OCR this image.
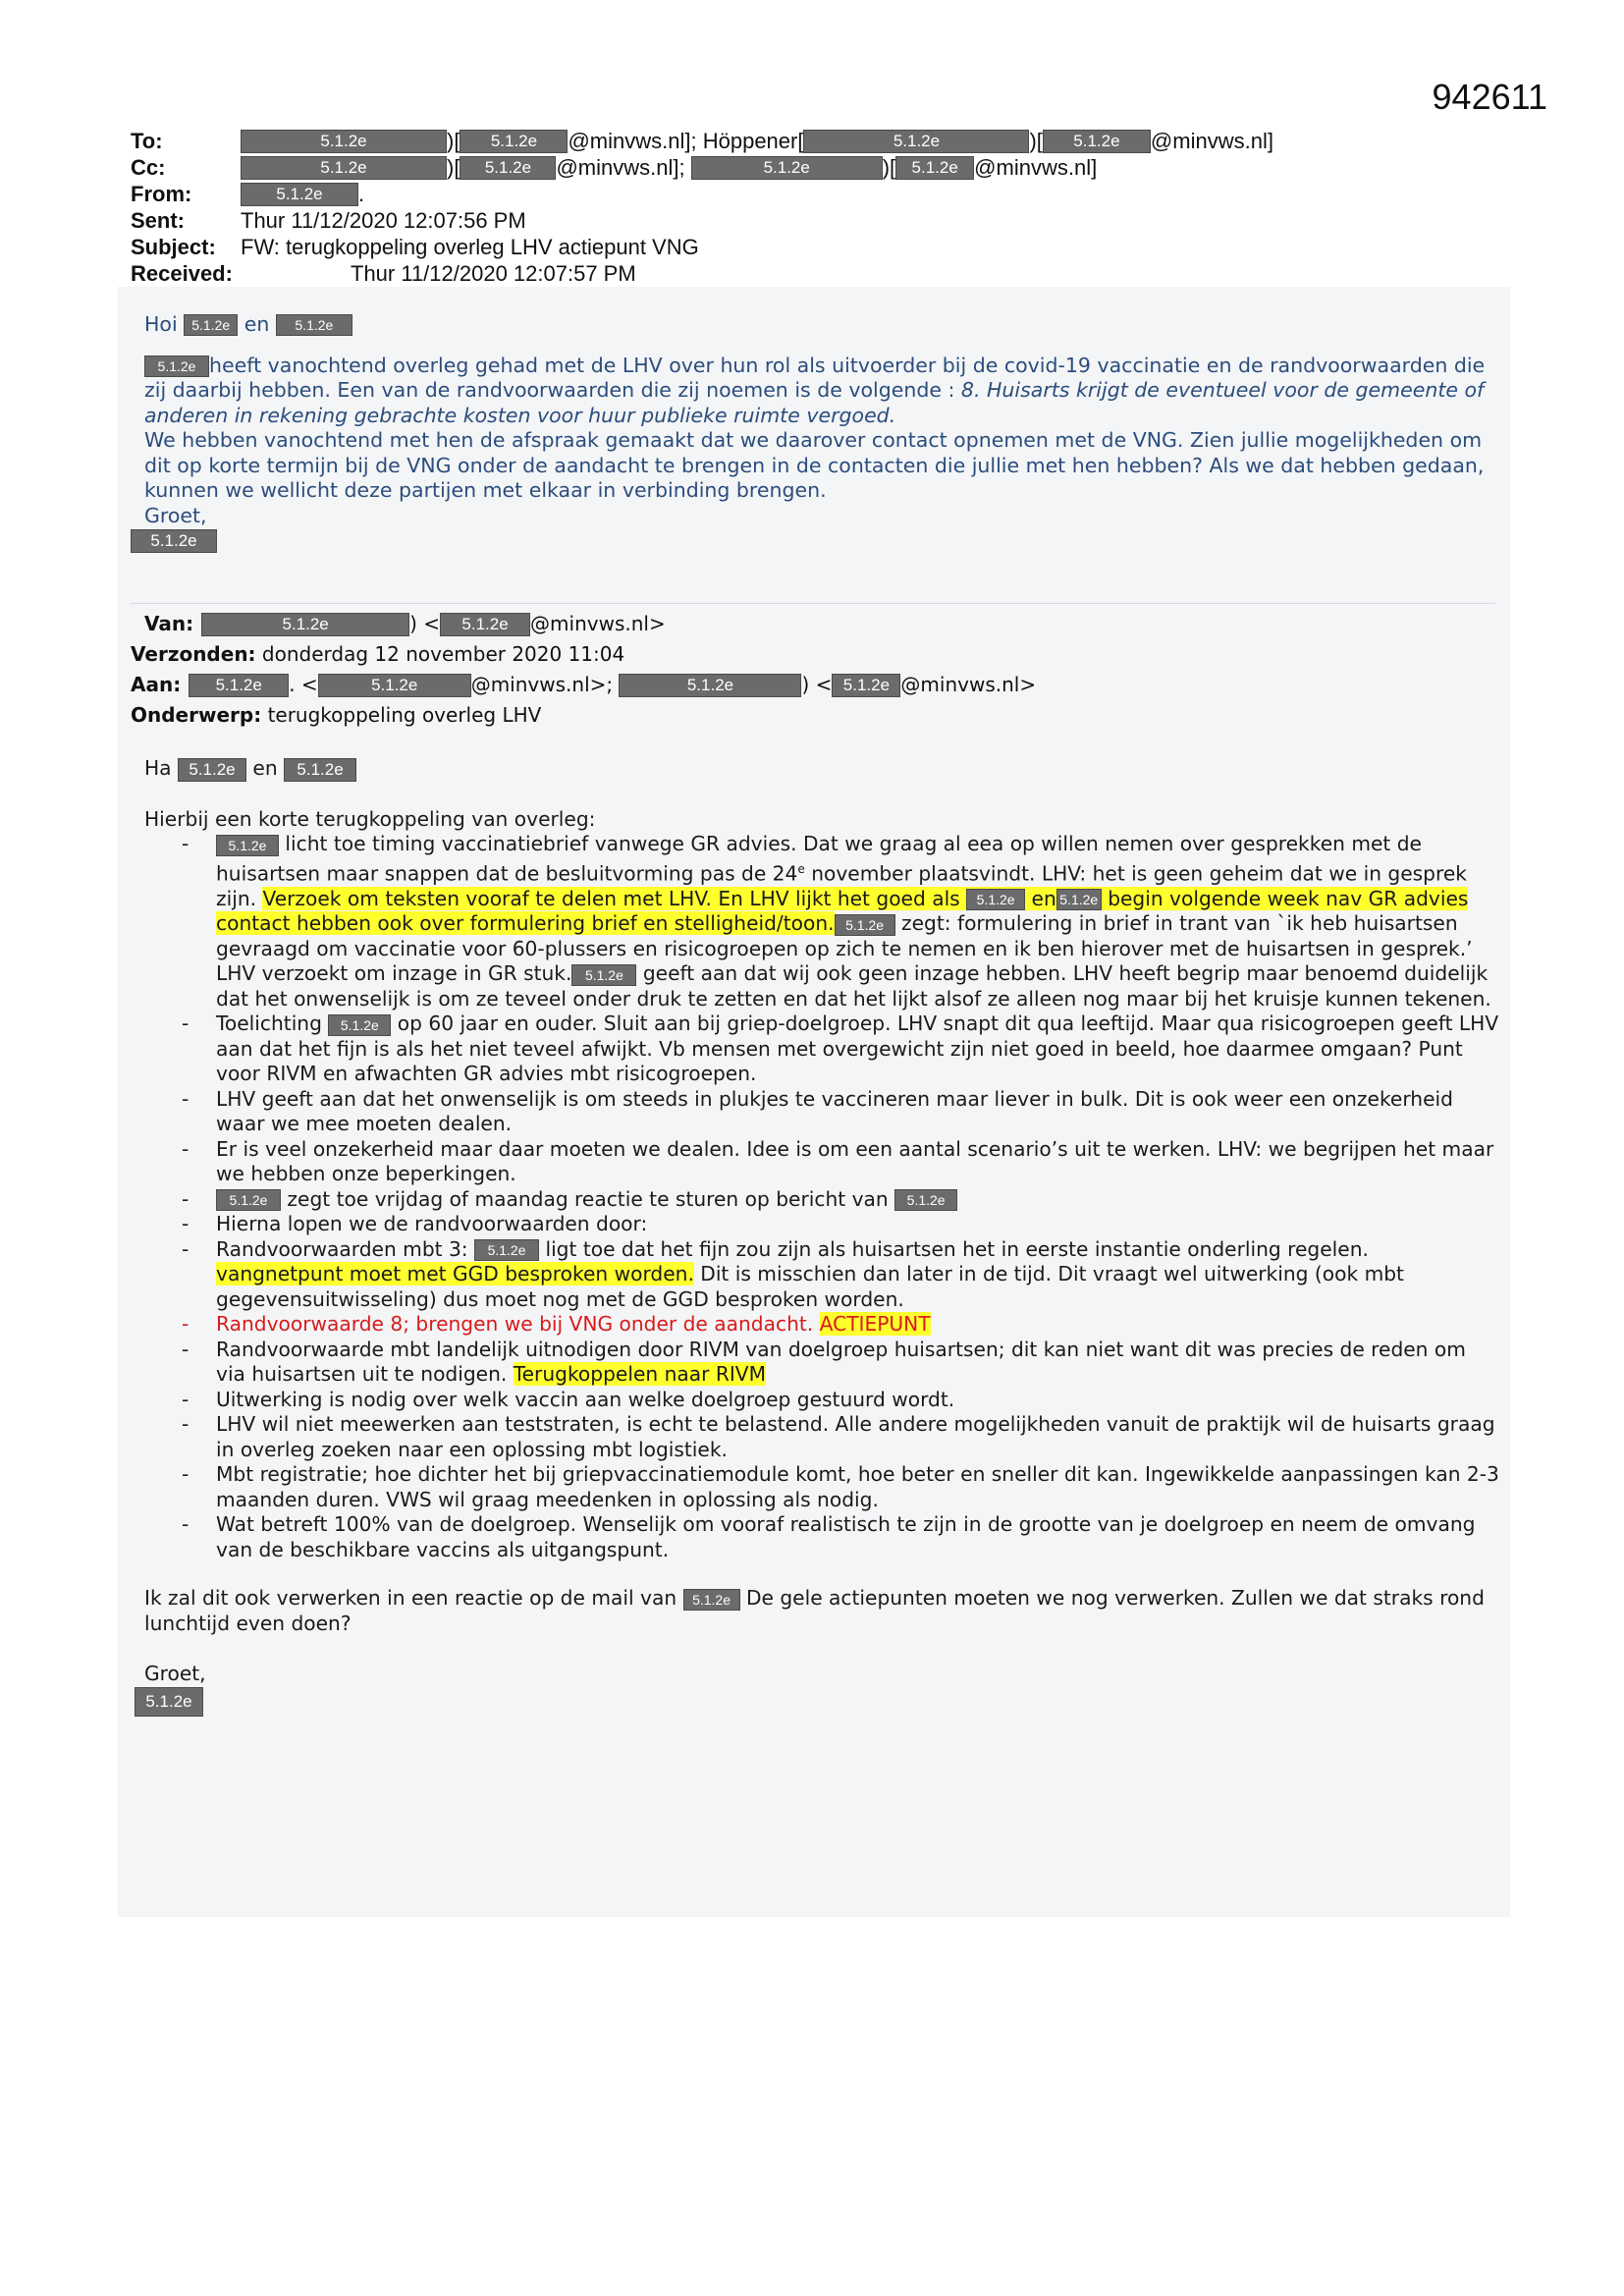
942611
To:	5.1.2e	)[	5.1.2e	@minvws.nl];
Höppener[	5.1.2e	)[	5.1.2e	@minvws.nl]
Cc:	5.1.2e	)[	5.1.2e	@minvws.nl];
	5.1.2e	)[ 5.1.2e @minvws.nl]
From:	5.1.2e	.
Sent:	Thur 11/12/2020 12:07:56 PM
Subject:	FW: terugkoppeling overleg LHV actiepunt VNG
Received:	Thur 11/12/2020 12:07:57 PM

Hoi 5.1.2e en 5.1.2e

5.1.2e heeft vanochtend overleg gehad met de LHV over hun rol als uitvoerder bij de covid-19 vaccinatie en de randvoorwaarden die zij daarbij hebben. Een van de randvoorwaarden die zij noemen is de volgende : 8. Huisarts krijgt de eventueel voor de gemeente of anderen in rekening gebrachte kosten voor huur publieke ruimte vergoed.

We hebben vanochtend met hen de afspraak gemaakt dat we daarover contact opnemen met de VNG. Zien jullie mogelijkheden om dit op korte termijn bij de VNG onder de aandacht te brengen in de contacten die jullie met hen hebben? Als we dat hebben gedaan, kunnen we wellicht deze partijen met elkaar in verbinding brengen.

Groet,

5.1.2e

Van:	5.1.2e	) <	5.1.2e	@minvws.nl>
Verzonden:
donderdag 12 november 2020 11:04
Aan:	5.1.2e	. <	5.1.2e	@minvws.nl>;
	5.1.2e	) < 5.1.2e @minvws.nl>
Onderwerp:
terugkoppeling overleg LHV

Ha 5.1.2e en 5.1.2e

Hierbij een korte terugkoppeling van overleg:

- 5.1.2e licht toe timing vaccinatiebrief vanwege GR advies. Dat we graag al eea op willen nemen over gesprekken met de huisartsen maar snappen dat de besluitvorming pas de 24e november plaatsvindt. LHV: het is geen geheim dat we in gesprek zijn. Verzoek om teksten vooraf te delen met LHV. En LHV lijkt het goed als 5.1.2e en 5.1.2e begin volgende week nav GR advies contact hebben ook over formulering brief en stelligheid/toon. 5.1.2e zegt: formulering in brief in trant van `ik heb huisartsen gevraagd om vaccinatie voor 60-plussers en risicogroepen op zich te nemen en ik ben hierover met de huisartsen in gesprek.’ LHV verzoekt om inzage in GR stuk. 5.1.2e geeft aan dat wij ook geen inzage hebben. LHV heeft begrip maar benoemd duidelijk dat het onwenselijk is om ze teveel onder druk te zetten en dat het lijkt alsof ze alleen nog maar bij het kruisje kunnen tekenen.
- Toelichting 5.1.2e op 60 jaar en ouder. Sluit aan bij griep-doelgroep. LHV snapt dit qua leeftijd. Maar qua risicogroepen geeft LHV aan dat het fijn is als het niet teveel afwijkt. Vb mensen met overgewicht zijn niet goed in beeld, hoe daarmee omgaan? Punt voor RIVM en afwachten GR advies mbt risicogroepen.
- LHV geeft aan dat het onwenselijk is om steeds in plukjes te vaccineren maar liever in bulk. Dit is ook weer een onzekerheid waar we mee moeten dealen.
- Er is veel onzekerheid maar daar moeten we dealen. Idee is om een aantal scenario’s uit te werken. LHV: we begrijpen het maar we hebben onze beperkingen.
- 5.1.2e zegt toe vrijdag of maandag reactie te sturen op bericht van 5.1.2e
- Hierna lopen we de randvoorwaarden door:
- Randvoorwaarden mbt 3: 5.1.2e ligt toe dat het fijn zou zijn als huisartsen het in eerste instantie onderling regelen. vangnetpunt moet met GGD besproken worden. Dit is misschien dan later in de tijd. Dit vraagt wel uitwerking (ook mbt gegevensuitwisseling) dus moet nog met de GGD besproken worden.
- Randvoorwaarde 8; brengen we bij VNG onder de aandacht. ACTIEPUNT
- Randvoorwaarde mbt landelijk uitnodigen door RIVM van doelgroep huisartsen; dit kan niet want dit was precies de reden om via huisartsen uit te nodigen. Terugkoppelen naar RIVM
- Uitwerking is nodig over welk vaccin aan welke doelgroep gestuurd wordt.
- LHV wil niet meewerken aan teststraten, is echt te belastend. Alle andere mogelijkheden vanuit de praktijk wil de huisarts graag in overleg zoeken naar een oplossing mbt logistiek.
- Mbt registratie; hoe dichter het bij griepvaccinatiemodule komt, hoe beter en sneller dit kan. Ingewikkelde aanpassingen kan 2-3 maanden duren. VWS wil graag meedenken in oplossing als nodig.
- Wat betreft 100% van de doelgroep. Wenselijk om vooraf realistisch te zijn in de grootte van je doelgroep en neem de omvang van de beschikbare vaccins als uitgangspunt.

Ik zal dit ook verwerken in een reactie op de mail van 5.1.2e De gele actiepunten moeten we nog verwerken. Zullen we dat straks rond lunchtijd even doen?

Groet,

5.1.2e
